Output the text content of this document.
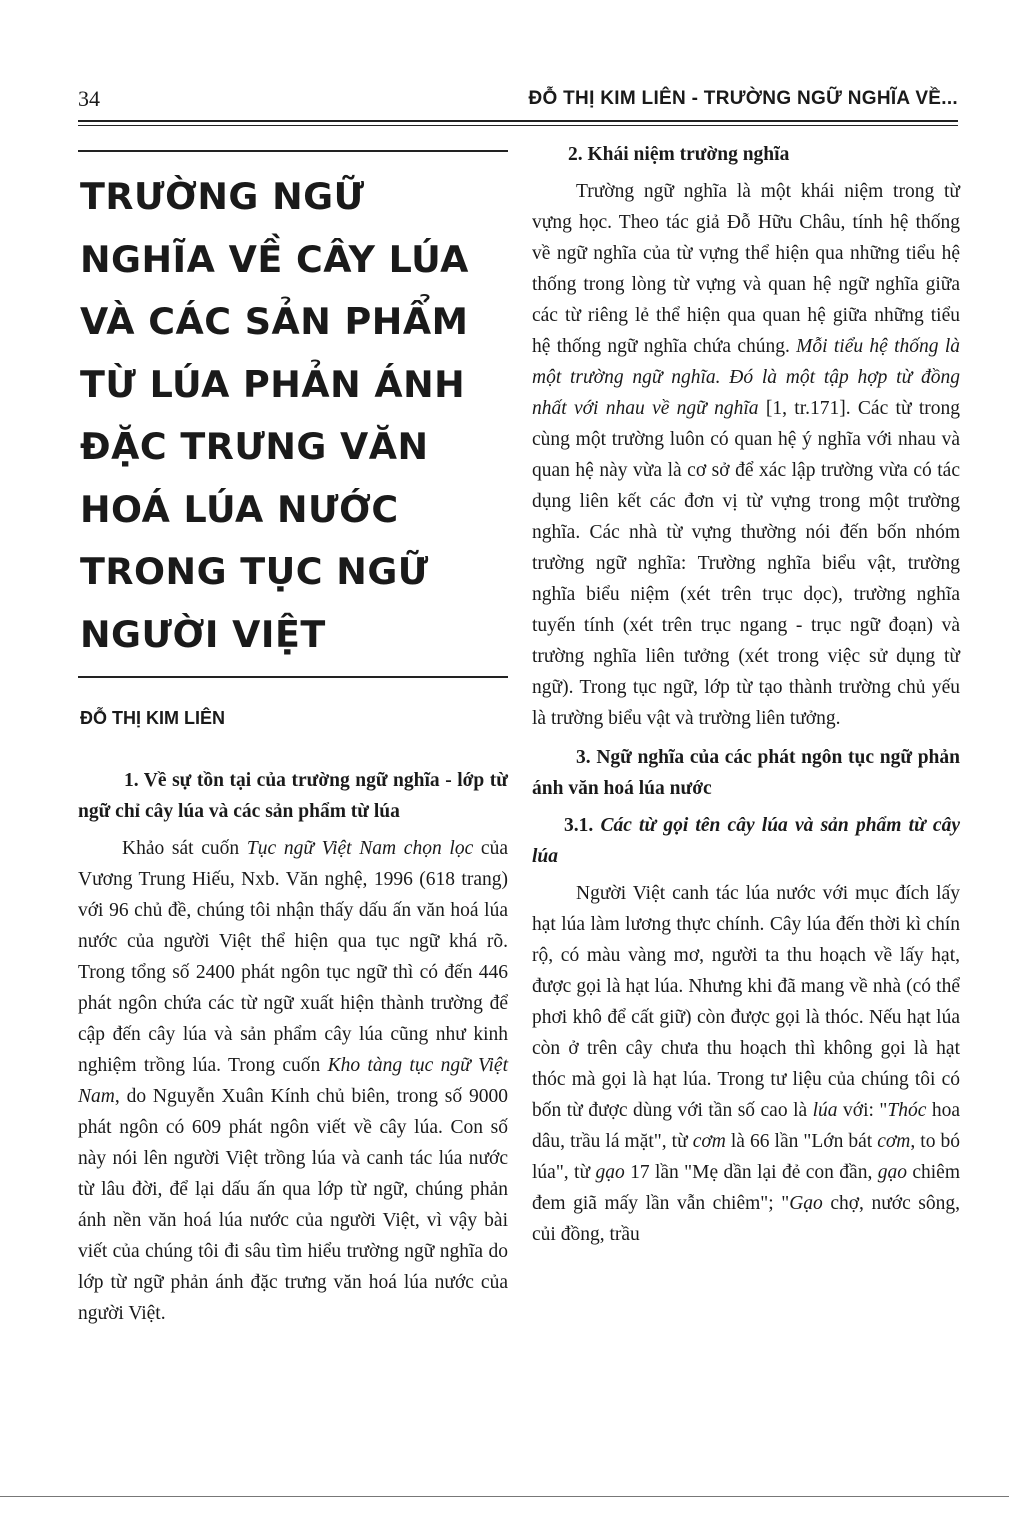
34	ĐỖ THỊ KIM LIÊN - TRƯỜNG NGỮ NGHĨA VỀ...
TRƯỜNG NGỮ NGHĨA VỀ CÂY LÚA VÀ CÁC SẢN PHẨM TỪ LÚA PHẢN ÁNH ĐẶC TRƯNG VĂN HOÁ LÚA NƯỚC TRONG TỤC NGỮ NGƯỜI VIỆT
ĐỖ THỊ KIM LIÊN

1. Về sự tồn tại của trường ngữ nghĩa - lớp từ ngữ chỉ cây lúa và các sản phẩm từ lúa

Khảo sát cuốn Tục ngữ Việt Nam chọn lọc của Vương Trung Hiếu, Nxb. Văn nghệ, 1996 (618 trang) với 96 chủ đề, chúng tôi nhận thấy dấu ấn văn hoá lúa nước của người Việt thể hiện qua tục ngữ khá rõ. Trong tổng số 2400 phát ngôn tục ngữ thì có đến 446 phát ngôn chứa các từ ngữ xuất hiện thành trường để cập đến cây lúa và sản phẩm cây lúa cũng như kinh nghiệm trồng lúa. Trong cuốn Kho tàng tục ngữ Việt Nam, do Nguyễn Xuân Kính chủ biên, trong số 9000 phát ngôn có 609 phát ngôn viết về cây lúa. Con số này nói lên người Việt trồng lúa và canh tác lúa nước từ lâu đời, để lại dấu ấn qua lớp từ ngữ, chúng phản ánh nền văn hoá lúa nước của người Việt, vì vậy bài viết của chúng tôi đi sâu tìm hiểu trường ngữ nghĩa do lớp từ ngữ phản ánh đặc trưng văn hoá lúa nước của người Việt.

2. Khái niệm trường nghĩa

Trường ngữ nghĩa là một khái niệm trong từ vựng học. Theo tác giả Đỗ Hữu Châu, tính hệ thống về ngữ nghĩa của từ vựng thể hiện qua những tiểu hệ thống trong lòng từ vựng và quan hệ ngữ nghĩa giữa các từ riêng lẻ thể hiện qua quan hệ giữa những tiểu hệ thống ngữ nghĩa chứa chúng. Mỗi tiểu hệ thống là một trường ngữ nghĩa. Đó là một tập hợp từ đồng nhất với nhau về ngữ nghĩa [1, tr.171]. Các từ trong cùng một trường luôn có quan hệ ý nghĩa với nhau và quan hệ này vừa là cơ sở để xác lập trường vừa có tác dụng liên kết các đơn vị từ vựng trong một trường nghĩa. Các nhà từ vựng thường nói đến bốn nhóm trường ngữ nghĩa: Trường nghĩa biểu vật, trường nghĩa biểu niệm (xét trên trục dọc), trường nghĩa tuyến tính (xét trên trục ngang - trục ngữ đoạn) và trường nghĩa liên tưởng (xét trong việc sử dụng từ ngữ). Trong tục ngữ, lớp từ tạo thành trường chủ yếu là trường biểu vật và trường liên tưởng.

3. Ngữ nghĩa của các phát ngôn tục ngữ phản ánh văn hoá lúa nước

3.1. Các từ gọi tên cây lúa và sản phẩm từ cây lúa

Người Việt canh tác lúa nước với mục đích lấy hạt lúa làm lương thực chính. Cây lúa đến thời kì chín rộ, có màu vàng mơ, người ta thu hoạch về lấy hạt, được gọi là hạt lúa. Nhưng khi đã mang về nhà (có thể phơi khô để cất giữ) còn được gọi là thóc. Nếu hạt lúa còn ở trên cây chưa thu hoạch thì không gọi là hạt thóc mà gọi là hạt lúa. Trong tư liệu của chúng tôi có bốn từ được dùng với tần số cao là lúa với: "Thóc hoa dâu, trầu lá mặt", từ cơm là 66 lần "Lớn bát cơm, to bó lúa", từ gạo 17 lần "Mẹ dần lại đẻ con đần, gạo chiêm đem giã mấy lần vẫn chiêm"; "Gạo chợ, nước sông, củi đồng, trầu
